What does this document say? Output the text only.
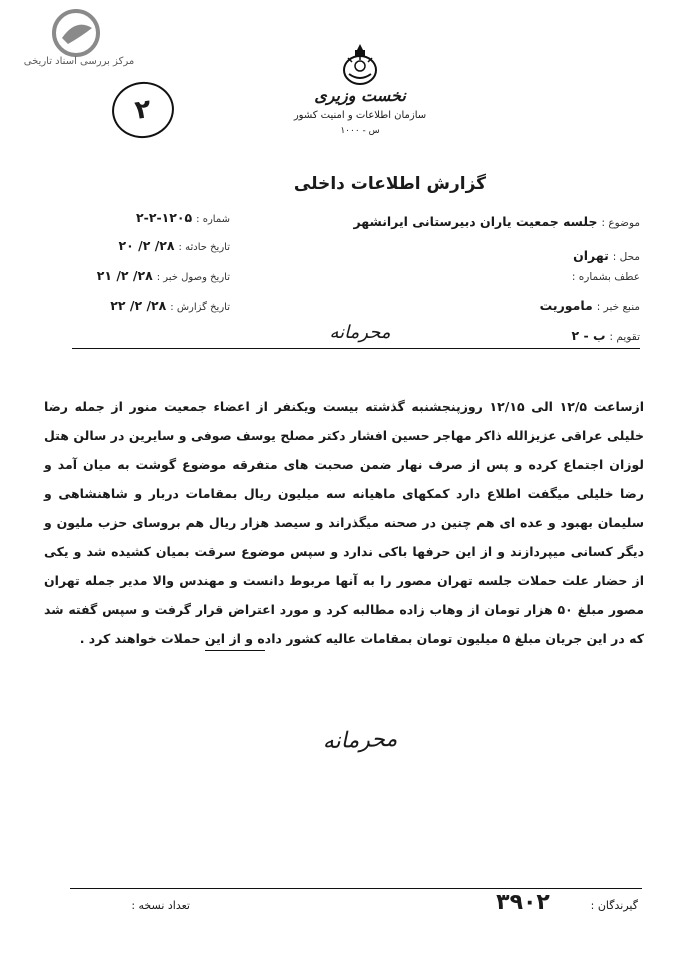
مرکز بررسی اسناد تاریخی
۲	نخست وزیری
سازمان اطلاعات و امنیت کشور
س - ۱۰۰۰
گزارش اطلاعات داخلی
موضوع : جلسه جمعیت یاران دبیرستانی ایرانشهر
محل : تهران
عطف بشماره :
منبع خبر : ماموریت
تقویم : ب - ۲
شماره : ۱۲۰۵-۲-۲
تاریخ حادثه : ۲۸/ ۲/ ۲۰
تاریخ وصول خبر : ۲۸/ ۲/ ۲۱
تاریخ گزارش : ۲۸/ ۲/ ۲۲
محرمانه
ازساعت ۱۲/۵ الی ۱۲/۱۵ روزپنجشنبه گذشته بیست ویکنفر از اعضاء جمعیت منور از جمله رضا خلیلی عراقی عزیزالله ذاکر مهاجر حسین افشار دکتر مصلح یوسف صوفی و سایرین در سالن هتل لوزان اجتماع کرده و پس از صرف نهار ضمن صحبت های متفرقه موضوع گوشت به میان آمد و رضا خلیلی میگفت اطلاع دارد کمکهای ماهیانه سه میلیون ریال بمقامات دربار و شاهنشاهی و سلیمان بهبود و عده ای هم چنین در صحنه میگذراند و سیصد هزار ریال هم بروسای حزب ملیون و دیگر کسانی میپردازند و از این حرفها باکی ندارد و سپس موضوع سرقت بمیان کشیده شد و یکی از حضار علت حملات جلسه تهران مصور را به آنها مربوط دانست و مهندس والا مدیر جمله تهران مصور مبلغ ۵۰ هزار تومان از وهاب زاده مطالبه کرد و مورد اعتراض قرار گرفت و سپس گفته شد که در این جریان مبلغ ۵ میلیون تومان بمقامات عالیه کشور داده و از این حملات خواهند کرد .
محرمانه
گیرندگان :
۳۹۰۲
تعداد نسخه :
